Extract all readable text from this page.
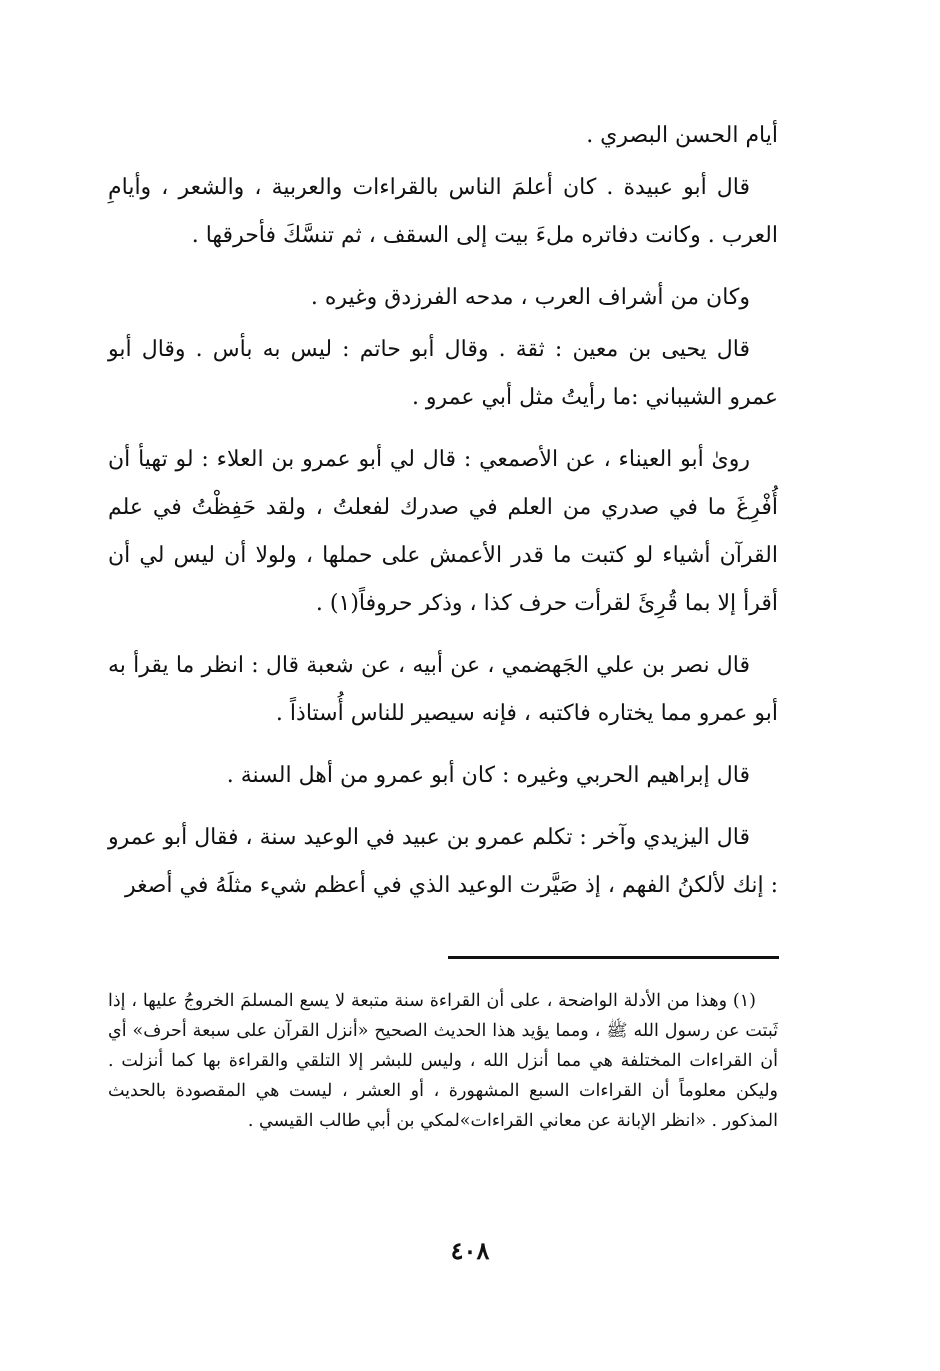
أيام الحسن البصري .

قال أبو عبيدة . كان أعلمَ الناس بالقراءات والعربية ، والشعر ، وأيامِ العرب . وكانت دفاتره ملءَ بيت إلى السقف ، ثم تنسَّكَ فأحرقها .

وكان من أشراف العرب ، مدحه الفرزدق وغيره .

قال يحيى بن معين : ثقة . وقال أبو حاتم : ليس به بأس . وقال أبو عمرو الشيباني :ما رأيتُ مثل أبي عمرو .

روىٰ أبو العيناء ، عن الأصمعي : قال لي أبو عمرو بن العلاء : لو تهيأ أن أُفْرِغَ ما في صدري من العلم في صدرك لفعلتُ ، ولقد حَفِظْتُ في علم القرآن أشياء لو كتبت ما قدر الأعمش على حملها ، ولولا أن ليس لي أن أقرأ إلا بما قُرِئَ لقرأت حرف كذا ، وذكر حروفاً(١) .

قال نصر بن علي الجَهضمي ، عن أبيه ، عن شعبة قال : انظر ما يقرأ به أبو عمرو مما يختاره فاكتبه ، فإنه سيصير للناس أُستاذاً .

قال إبراهيم الحربي وغيره : كان أبو عمرو من أهل السنة .

قال اليزيدي وآخر : تكلم عمرو بن عبيد في الوعيد سنة ، فقال أبو عمرو : إنك لألكنُ الفهم ، إذ صَيَّرت الوعيد الذي في أعظم شيء مثلَهُ في أصغر

(١) وهذا من الأدلة الواضحة ، على أن القراءة سنة متبعة لا يسع المسلمَ الخروجُ عليها ، إذا ثَبتت عن رسول الله ﷺ ، ومما يؤيد هذا الحديث الصحيح «أنزل القرآن على سبعة أحرف» أي أن القراءات المختلفة هي مما أنزل الله ، وليس للبشر إلا التلقي والقراءة بها كما أنزلت . وليكن معلوماً أن القراءات السبع المشهورة ، أو العشر ، ليست هي المقصودة بالحديث المذكور . «انظر الإبانة عن معاني القراءات»لمكي بن أبي طالب القيسي .

٤٠٨
